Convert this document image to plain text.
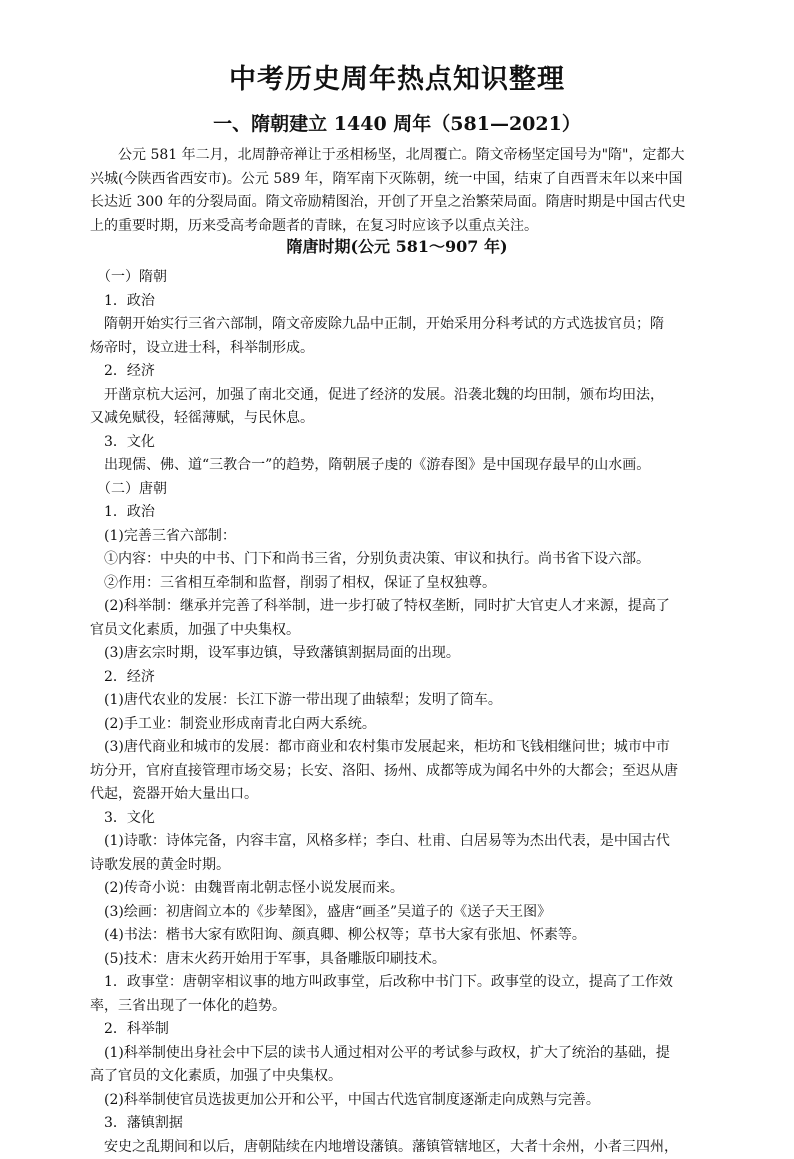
中考历史周年热点知识整理
一、隋朝建立 1440 周年（581—2021）
　　公元 581 年二月，北周静帝禅让于丞相杨坚，北周覆亡。隋文帝杨坚定国号为"隋"，定都大
兴城(今陕西省西安市)。公元 589 年，隋军南下灭陈朝，统一中国，结束了自西晋末年以来中国
长达近 300 年的分裂局面。隋文帝励精图治，开创了开皇之治繁荣局面。隋唐时期是中国古代史
上的重要时期，历来受高考命题者的青睐，在复习时应该予以重点关注。
隋唐时期(公元 581～907 年)
　（一）隋朝
　1．政治
　隋朝开始实行三省六部制，隋文帝废除九品中正制，开始采用分科考试的方式选拔官员；隋
炀帝时，设立进士科，科举制形成。
　2．经济
　开凿京杭大运河，加强了南北交通，促进了经济的发展。沿袭北魏的均田制，颁布均田法，
又减免赋役，轻徭薄赋，与民休息。
　3．文化
　出现儒、佛、道“三教合一”的趋势，隋朝展子虔的《游春图》是中国现存最早的山水画。
　（二）唐朝
　1．政治
　(1)完善三省六部制：
　①内容：中央的中书、门下和尚书三省，分别负责决策、审议和执行。尚书省下设六部。
　②作用：三省相互牵制和监督，削弱了相权，保证了皇权独尊。
　(2)科举制：继承并完善了科举制，进一步打破了特权垄断，同时扩大官吏人才来源，提高了
官员文化素质，加强了中央集权。
　(3)唐玄宗时期，设军事边镇，导致藩镇割据局面的出现。
　2．经济
　(1)唐代农业的发展：长江下游一带出现了曲辕犁；发明了筒车。
　(2)手工业：制瓷业形成南青北白两大系统。
　(3)唐代商业和城市的发展：都市商业和农村集市发展起来，柜坊和飞钱相继问世；城市中市
坊分开，官府直接管理市场交易；长安、洛阳、扬州、成都等成为闻名中外的大都会；至迟从唐
代起，瓷器开始大量出口。
　3．文化
　(1)诗歌：诗体完备，内容丰富，风格多样；李白、杜甫、白居易等为杰出代表，是中国古代
诗歌发展的黄金时期。
　(2)传奇小说：由魏晋南北朝志怪小说发展而来。
　(3)绘画：初唐阎立本的《步辇图》，盛唐“画圣”吴道子的《送子天王图》
　(4)书法：楷书大家有欧阳询、颜真卿、柳公权等；草书大家有张旭、怀素等。
　(5)技术：唐末火药开始用于军事，具备雕版印刷技术。
　1．政事堂：唐朝宰相议事的地方叫政事堂，后改称中书门下。政事堂的设立，提高了工作效
率，三省出现了一体化的趋势。
　2．科举制
　(1)科举制使出身社会中下层的读书人通过相对公平的考试参与政权，扩大了统治的基础，提
高了官员的文化素质，加强了中央集权。
　(2)科举制使官员选拔更加公开和公平，中国古代选官制度逐渐走向成熟与完善。
　3．藩镇割据
　安史之乱期间和以后，唐朝陆续在内地增设藩镇。藩镇管辖地区，大者十余州，小者三四州，
